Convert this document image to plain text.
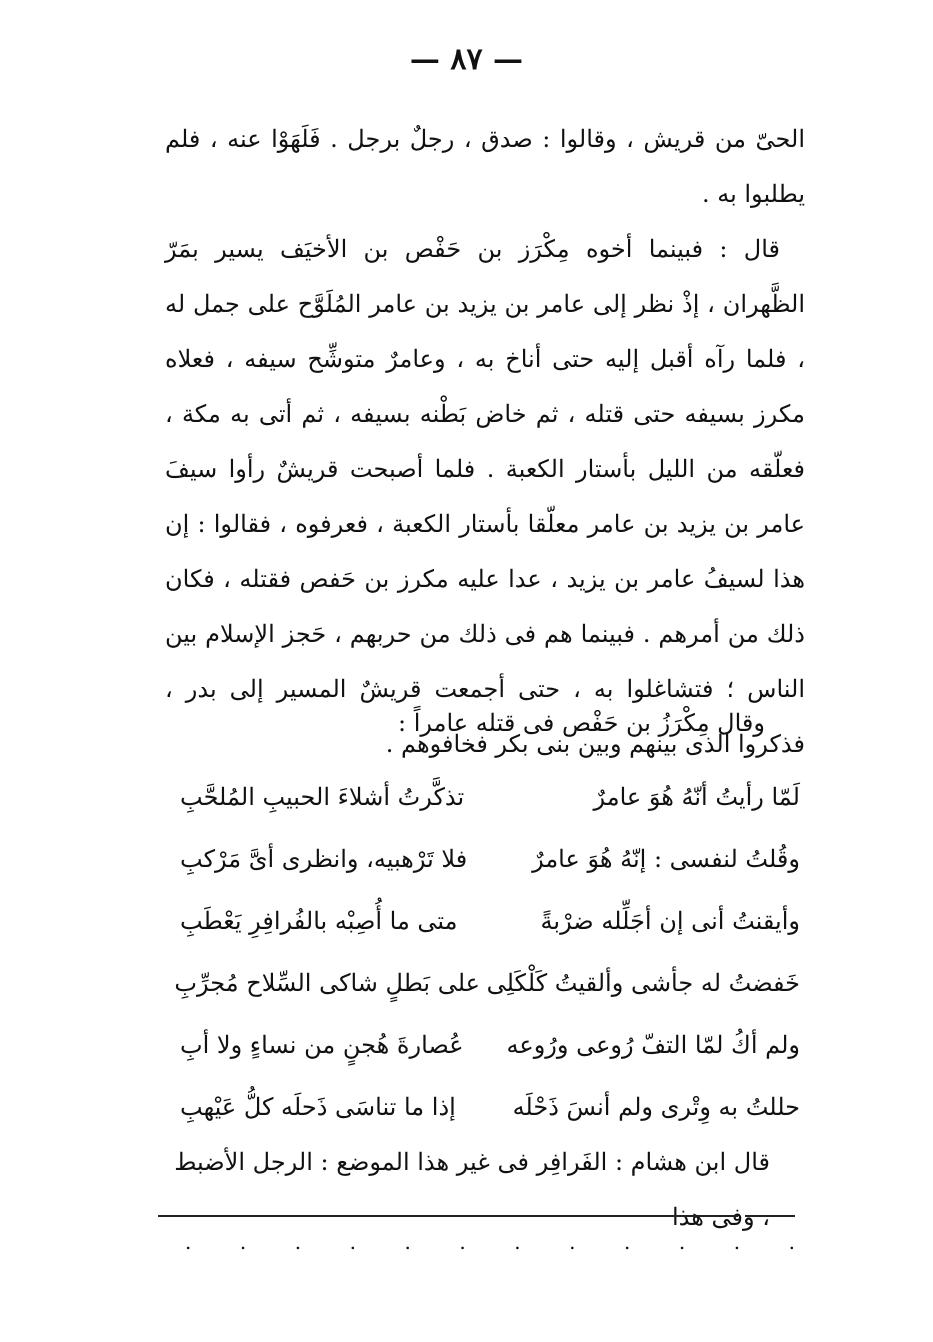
— ٨٧ —

الحىّ من قريش ، وقالوا : صدق ، رجلٌ برجل . فَلَهَوْا عنه ، فلم يطلبوا به .

قال : فبينما أخوه مِكْرَز بن حَفْص بن الأخيَف يسير بمَرّ الظَّهران ، إذْ نظر إلى عامر بن يزيد بن عامر المُلَوَّح على جمل له ، فلما رآه أقبل إليه حتى أناخ به ، وعامرٌ متوشِّح سيفه ، فعلاه مكرز بسيفه حتى قتله ، ثم خاض بَطْنه بسيفه ، ثم أتى به مكة ، فعلّقه من الليل بأستار الكعبة . فلما أصبحت قريشٌ رأوا سيفَ عامر بن يزيد بن عامر معلّقا بأستار الكعبة ، فعرفوه ، فقالوا : إن هذا لسيفُ عامر بن يزيد ، عدا عليه مكرز بن حَفص فقتله ، فكان ذلك من أمرهم . فبينما هم فى ذلك من حربهم ، حَجز الإسلام بين الناس ؛ فتشاغلوا به ، حتى أجمعت قريشٌ المسير إلى بدر ، فذكروا الذى بينهم وبين بنى بكر فخافوهم .

وقال مِكْرَزُ بن حَفْص فى قتله عامراً :
لَمّا رأيتُ أنّهُ هُوَ عامرٌ
تذكَّرتُ أشلاءَ الحبيبِ المُلحَّبِ
وقُلتُ لنفسى : إنّهُ هُوَ عامرٌ
فلا تَرْهبيه، وانظرى أىَّ مَرْكبِ
وأيقنتُ أنى إن أجَلِّله ضرْبةً
متى ما أُصِبْه بالفُرافِرِ يَعْطَبِ
خَفضتُ له جأشى وألقيتُ كَلْكَلِى
على بَطلٍ شاكى السِّلاح مُجرِّبِ
ولم أكُ لمّا التفّ رُوعى ورُوعه
عُصارةَ هُجنٍ من نساءٍ ولا أبِ
حللتُ به وِتْرى ولم أنسَ ذَحْلَه
إذا ما تناسَى ذَحلَه كلُّ عَيْهبِ
قال ابن هشام : الفَرافِر فى غير هذا الموضع : الرجل الأضبط ، وفى هذا
. . . . . . . . . . . .
